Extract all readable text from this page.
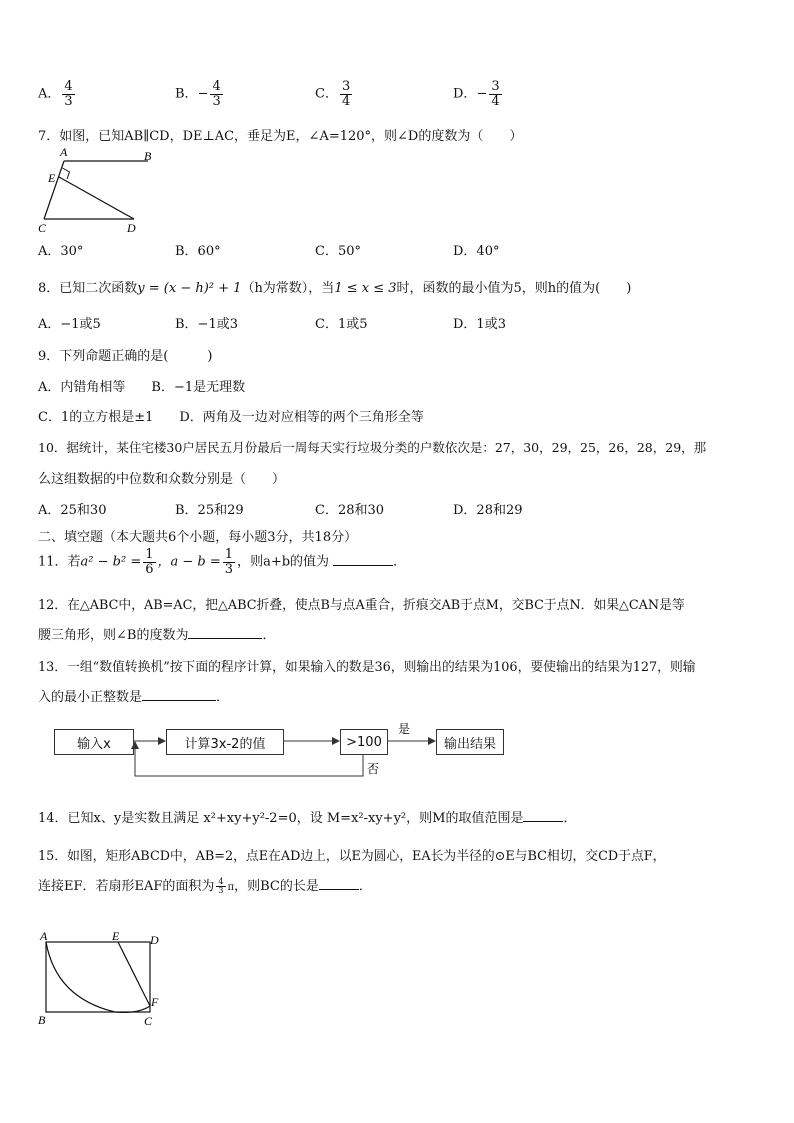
A． $\frac{4}{3}$	B．− $\frac{4}{3}$	C． $\frac{3}{4}$	D．− $\frac{3}{4}$
7．如图，已知AB∥CD，DE⊥AC，垂足为E，∠A=120°，则∠D的度数为（　　）
A	B
E
C	D
A．30°	B．60°	C．50°	D．40°
8．已知二次函数y = (x − h)² + 1（h为常数），当1 ≤ x ≤ 3时，函数的最小值为5，则h的值为(　　)
A．−1或5	B．−1或3	C．1或5	D．1或3
9．下列命题正确的是(　　　)
A．内错角相等　　B．−1是无理数
C．1的立方根是±1　　D．两角及一边对应相等的两个三角形全等
10．据统计，某住宅楼30户居民五月份最后一周每天实行垃圾分类的户数依次是：27，30，29，25，26，28，29，那
么这组数据的中位数和众数分别是（　　）
A．25和30	B．25和29	C．28和30	D．28和29
二、填空题（本大题共6个小题，每小题3分，共18分）
11．若$a^2 - b^2 = \frac{1}{6}$ ，$a - b = \frac{1}{3}$ ，则a+b的值为	．
12．在△ABC中，AB=AC，把△ABC折叠，使点B与点A重合，折痕交AB于点M，交BC于点N．如果△CAN是等
腰三角形，则∠B的度数为	．
13．一组“数值转换机”按下面的程序计算，如果输入的数是36，则输出的结果为106，要使输出的结果为127，则输
入的最小正整数是	．
输入x	计算3x-2的值	>100	输出结果
是
否
14．已知x、y是实数且满足 x²+xy+y²-2=0，设 M=x²-xy+y²，则M的取值范围是	．
15．如图，矩形ABCD中，AB=2，点E在AD边上，以E为圆心，EA长为半径的⊙E与BC相切，交CD于点F，
连接EF．若扇形EAF的面积为 $\frac{4}{3}$ π，则BC的长是	．
A	E	D
F
B	C
